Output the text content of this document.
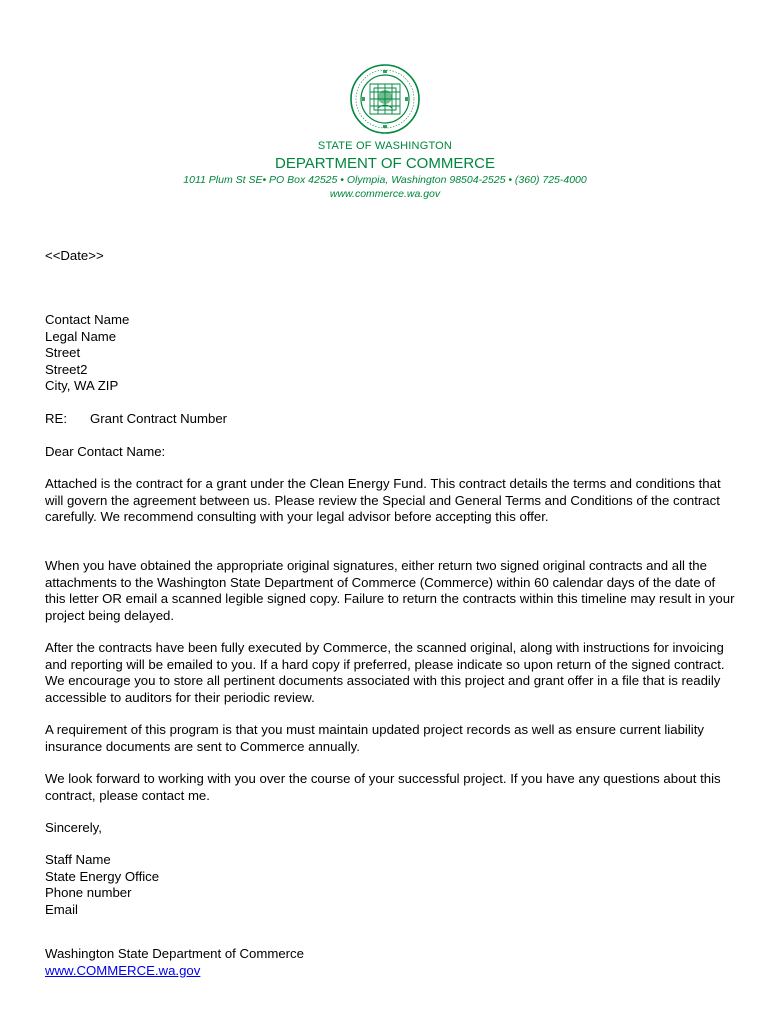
STATE OF WASHINGTON
DEPARTMENT OF COMMERCE
1011 Plum St SE• PO Box 42525 • Olympia, Washington 98504-2525 • (360) 725-4000
www.commerce.wa.gov
<<Date>>
Contact Name
Legal Name
Street
Street2
City, WA ZIP
RE: Grant Contract Number
Dear Contact Name:

Attached is the contract for a grant under the Clean Energy Fund. This contract details the terms and conditions that will govern the agreement between us. Please review the Special and General Terms and Conditions of the contract carefully. We recommend consulting with your legal advisor before accepting this offer.

When you have obtained the appropriate original signatures, either return two signed original contracts and all the attachments to the Washington State Department of Commerce (Commerce) within 60 calendar days of the date of this letter OR email a scanned legible signed copy. Failure to return the contracts within this timeline may result in your project being delayed.

After the contracts have been fully executed by Commerce, the scanned original, along with instructions for invoicing and reporting will be emailed to you. If a hard copy if preferred, please indicate so upon return of the signed contract. We encourage you to store all pertinent documents associated with this project and grant offer in a file that is readily accessible to auditors for their periodic review.

A requirement of this program is that you must maintain updated project records as well as ensure current liability insurance documents are sent to Commerce annually.

We look forward to working with you over the course of your successful project. If you have any questions about this contract, please contact me.

Sincerely,
Staff Name
State Energy Office
Phone number
Email
Washington State Department of Commerce
www.COMMERCE.wa.gov
